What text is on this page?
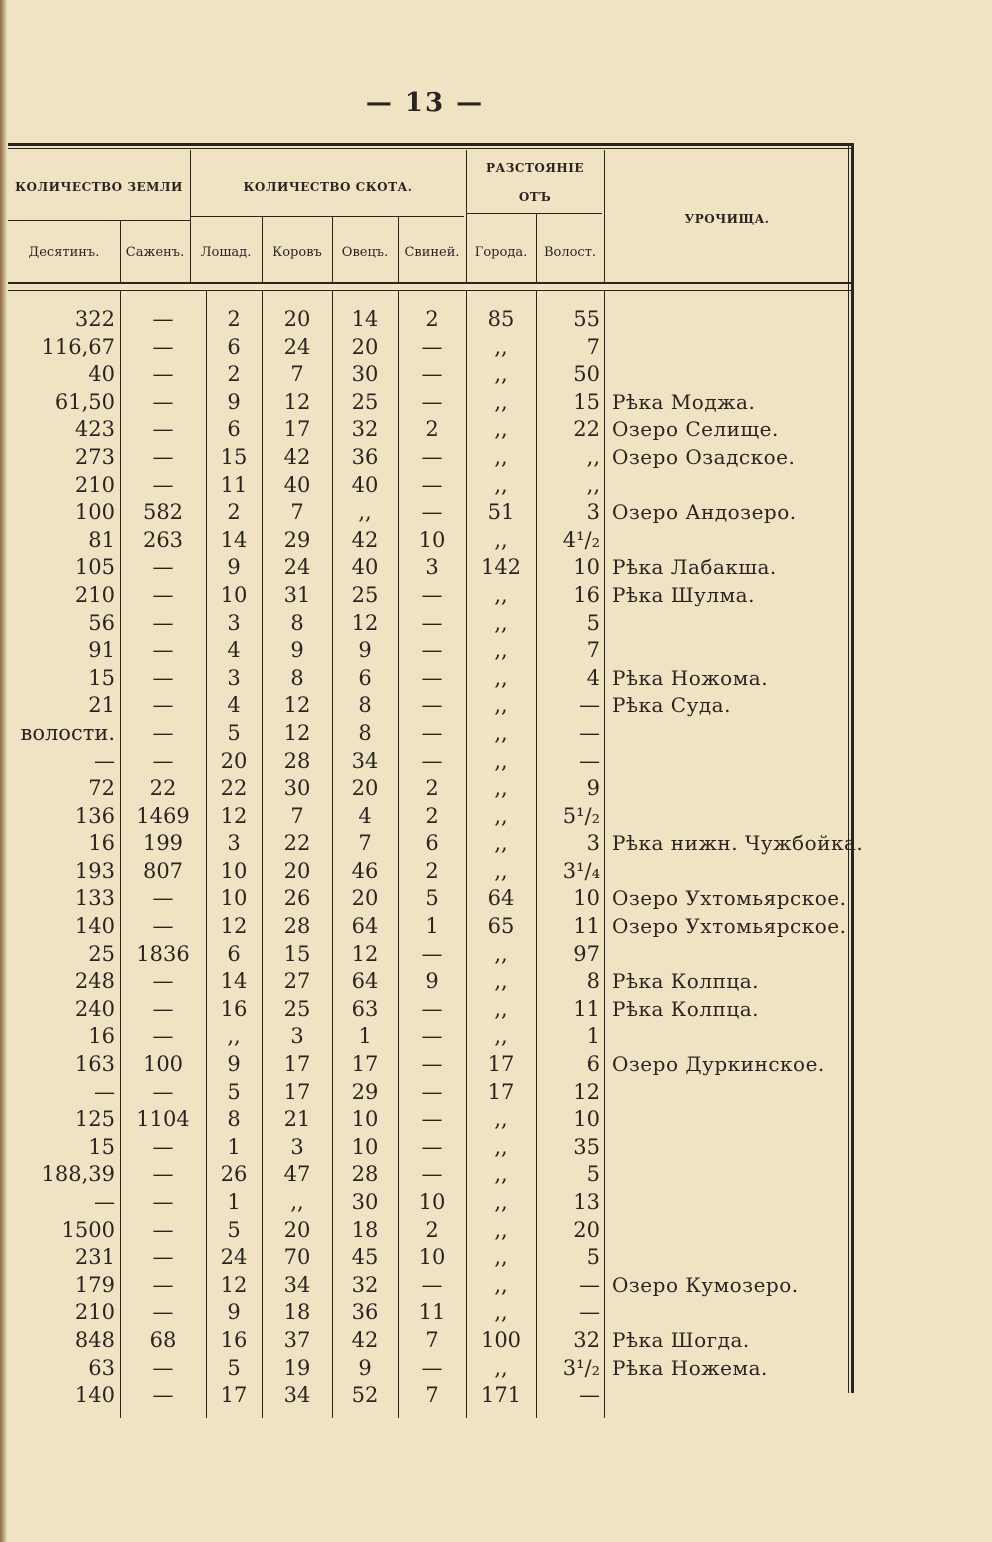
— 13 —
КОЛИЧЕСТВО ЗЕМЛИ	КОЛИЧЕСТВО СКОТА.
РАЗСТОЯНІЕ
ОТЪ
УРОЧИЩА.
Десятинъ.	Саженъ.	Лошад.	Коровъ	Овецъ.	Свиней.	Города.	Волост.
322	—	2	20	14	2	85	55
116,67	—	6	24	20	—	,,	7
40	—	2	7	30	—	,,	50
61,50	—	9	12	25	—	,,	15 Рѣка Моджа.
423	—	6	17	32	2	,,	22 Озеро Селище.
273	—	15	42	36	—	,,	,, Озеро Озадское.
210	—	11	40	40	—	,,	,,
100	582	2	7	,,	—	51	3 Озеро Андозеро.
81	263	14	29	42	10	,,	4¹/₂
105	—	9	24	40	3	142	10 Рѣка Лабакша.
210	—	10	31	25	—	,,	16 Рѣка Шулма.
56	—	3	8	12	—	,,	5
91	—	4	9	9	—	,,	7
15	—	3	8	6	—	,,	4 Рѣка Ножома.
21	—	4	12	8	—	,,	— Рѣка Суда.
волости.	—	5	12	8	—	,,	—
—	—	20	28	34	—	,,	—
72	22	22	30	20	2	,,	9
136	1469	12	7	4	2	,,	5¹/₂
16	199	3	22	7	6	,,	3 Рѣка нижн. Чужбойка.
193	807	10	20	46	2	,,	3¹/₄
133	—	10	26	20	5	64	10 Озеро Ухтомьярское.
140	—	12	28	64	1	65	11 Озеро Ухтомьярское.
25	1836	6	15	12	—	,,	97
248	—	14	27	64	9	,,	8 Рѣка Колпца.
240	—	16	25	63	—	,,	11 Рѣка Колпца.
16	—	,,	3	1	—	,,	1
163	100	9	17	17	—	17	6 Озеро Дуркинское.
—	—	5	17	29	—	17	12
125	1104	8	21	10	—	,,	10
15	—	1	3	10	—	,,	35
188,39	—	26	47	28	—	,,	5
—	—	1	,,	30	10	,,	13
1500	—	5	20	18	2	,,	20
231	—	24	70	45	10	,,	5
179	—	12	34	32	—	,,	— Озеро Кумозеро.
210	—	9	18	36	11	,,	—
848	68	16	37	42	7	100	32 Рѣка Шогда.
63	—	5	19	9	—	,,	3¹/₂ Рѣка Ножема.
140	—	17	34	52	7	171	—
